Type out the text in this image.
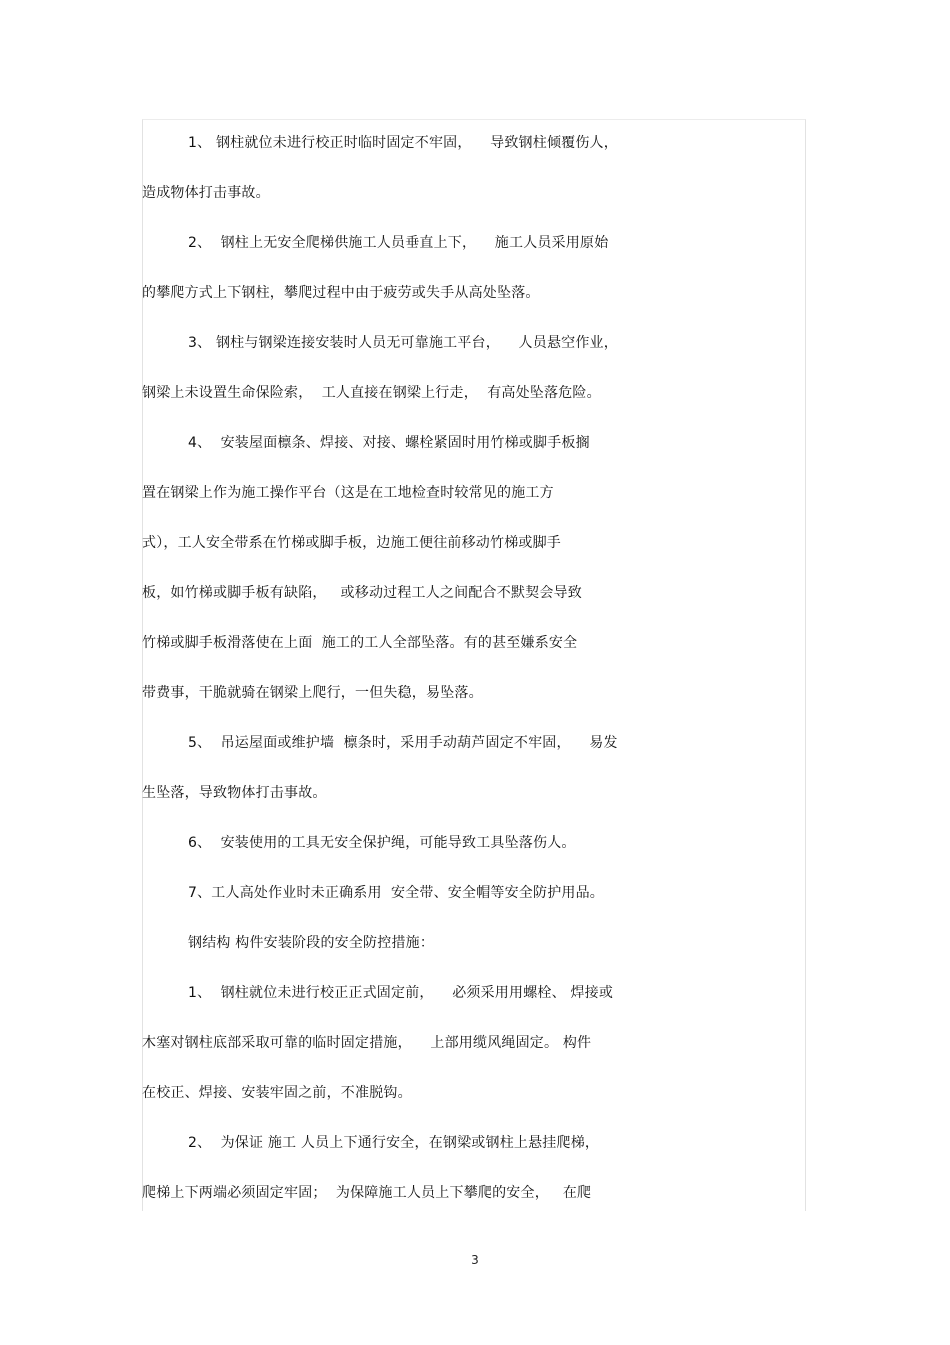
1、 钢柱就位未进行校正时临时固定不牢固，    导致钢柱倾覆伤人，
造成物体打击事故。
2、  钢柱上无安全爬梯供施工人员垂直上下，    施工人员采用原始
的攀爬方式上下钢柱，攀爬过程中由于疲劳或失手从高处坠落。
3、 钢柱与钢梁连接安装时人员无可靠施工平台，    人员悬空作业，
钢梁上未设置生命保险索，  工人直接在钢梁上行走，  有高处坠落危险。
4、  安装屋面檩条、焊接、对接、螺栓紧固时用竹梯或脚手板搁
置在钢梁上作为施工操作平台（这是在工地检查时较常见的施工方
式），工人安全带系在竹梯或脚手板，边施工便往前移动竹梯或脚手
板，如竹梯或脚手板有缺陷，   或移动过程工人之间配合不默契会导致
竹梯或脚手板滑落使在上面  施工的工人全部坠落。有的甚至嫌系安全
带费事，干脆就骑在钢梁上爬行，一但失稳，易坠落。
5、  吊运屋面或维护墙  檩条时，采用手动葫芦固定不牢固，    易发
生坠落，导致物体打击事故。
6、  安装使用的工具无安全保护绳，可能导致工具坠落伤人。
7、工人高处作业时未正确系用  安全带、安全帽等安全防护用品。
钢结构 构件安装阶段的安全防控措施：
1、  钢柱就位未进行校正正式固定前，    必须采用用螺栓、 焊接或
木塞对钢柱底部采取可靠的临时固定措施，    上部用缆风绳固定。 构件
在校正、焊接、安装牢固之前，不准脱钩。
2、  为保证 施工 人员上下通行安全，在钢梁或钢柱上悬挂爬梯，
爬梯上下两端必须固定牢固；  为保障施工人员上下攀爬的安全，   在爬
3
